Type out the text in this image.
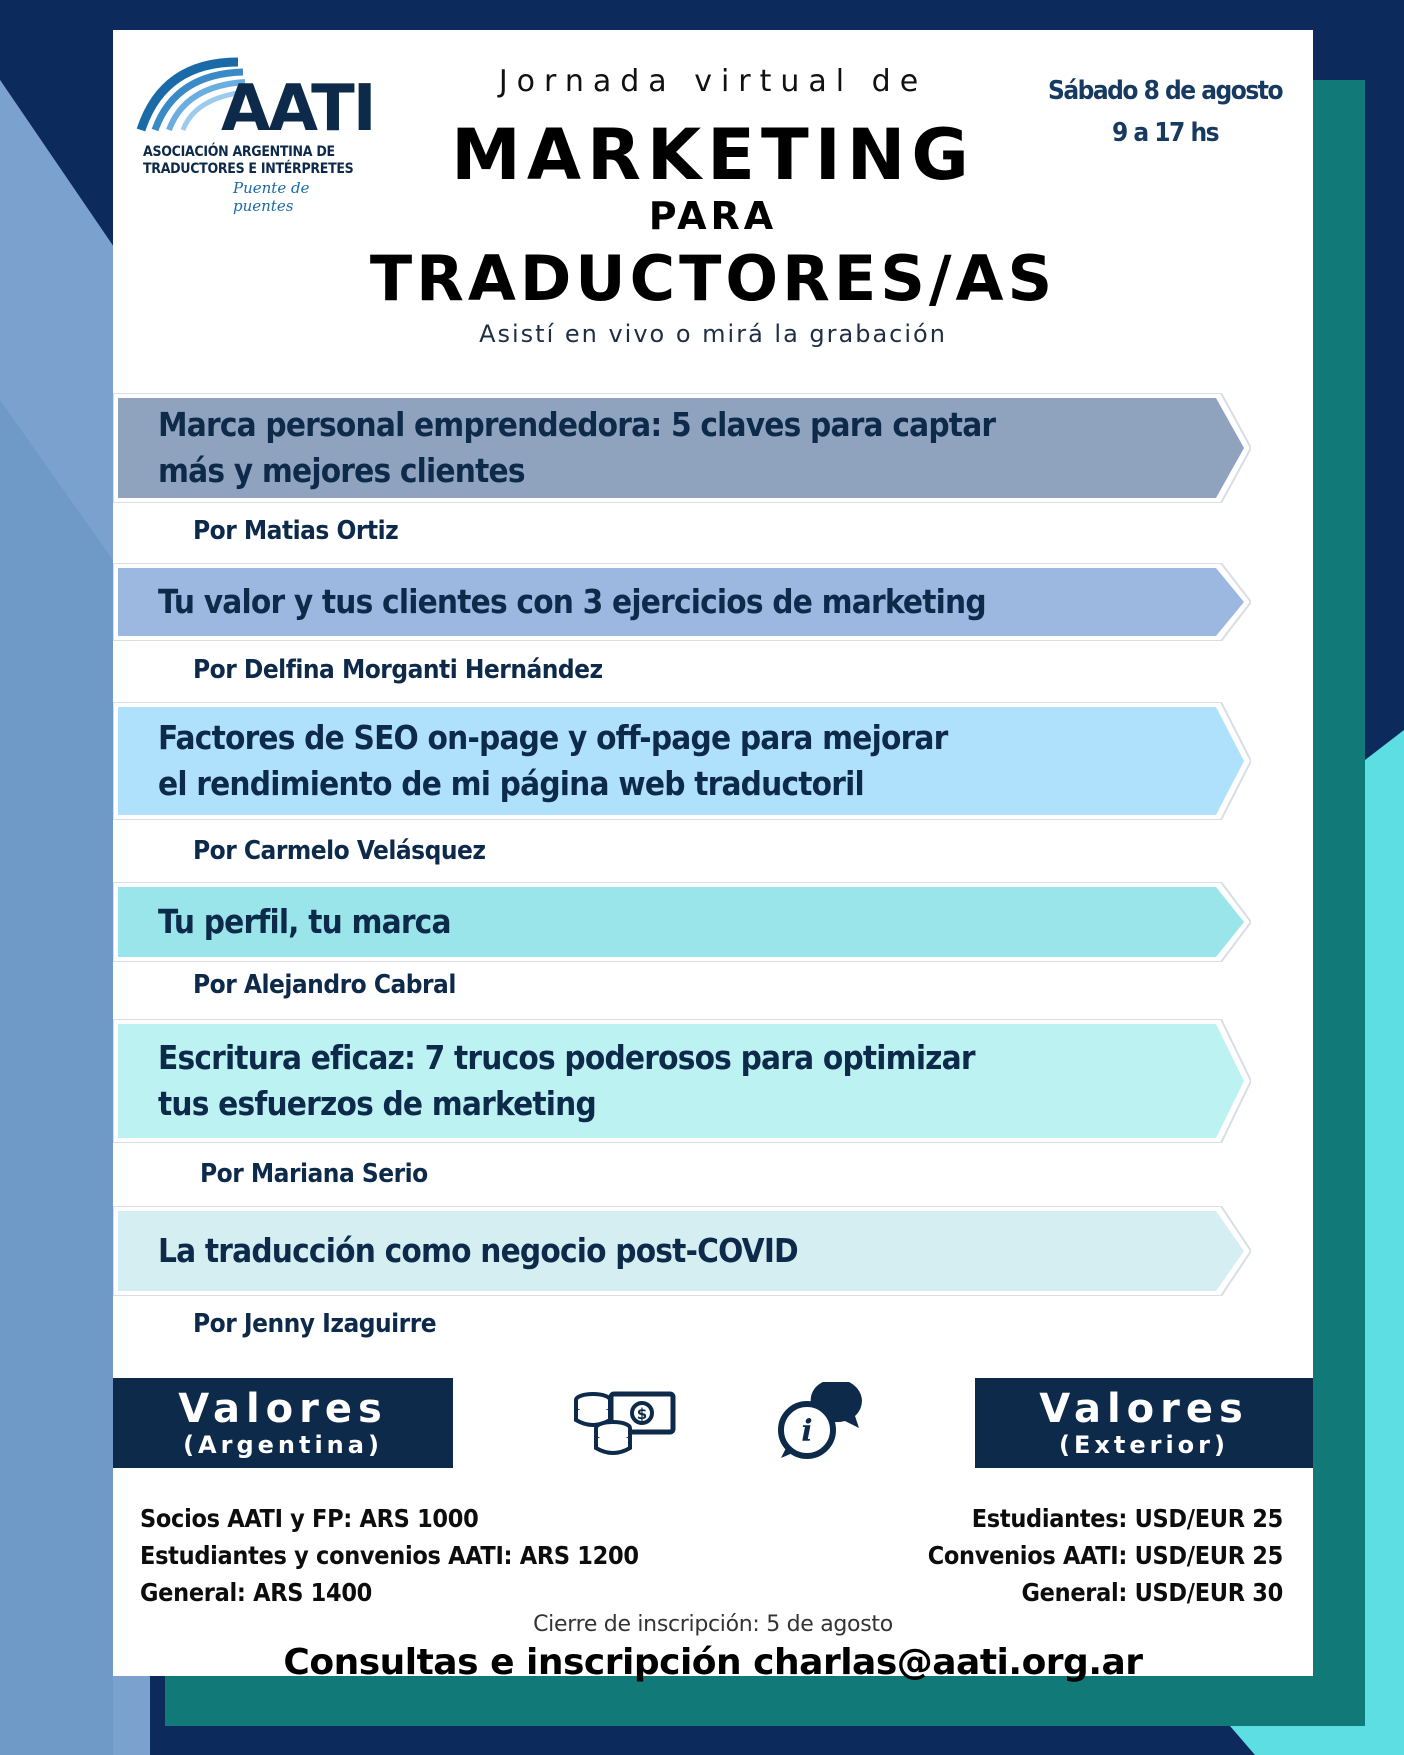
AATI
ASOCIACIÓN ARGENTINA DE
TRADUCTORES E INTÉRPRETES
Puente de puentes
Jornada virtual de
MARKETING
PARA
TRADUCTORES/AS
Asistí en vivo o mirá la grabación
Sábado 8 de agosto
9 a 17 hs
Marca personal emprendedora: 5 claves para captar
más y mejores clientes
Por Matias Ortiz
Tu valor y tus clientes con 3 ejercicios de marketing
Por Delfina Morganti Hernández
Factores de SEO on-page y off-page para mejorar
el rendimiento de mi página web traductoril
Por Carmelo Velásquez
Tu perfil, tu marca
Por Alejandro Cabral
Escritura eficaz: 7 trucos poderosos para optimizar
tus esfuerzos de marketing
Por Mariana Serio
La traducción como negocio post-COVID
Por Jenny Izaguirre
Valores
(Argentina)
Valores
(Exterior)
$	i
Socios AATI y FP: ARS 1000
Estudiantes y convenios AATI: ARS 1200
General: ARS 1400
Estudiantes: USD/EUR 25
Convenios AATI: USD/EUR 25
General: USD/EUR 30
Cierre de inscripción: 5 de agosto
Consultas e inscripción charlas@aati.org.ar
